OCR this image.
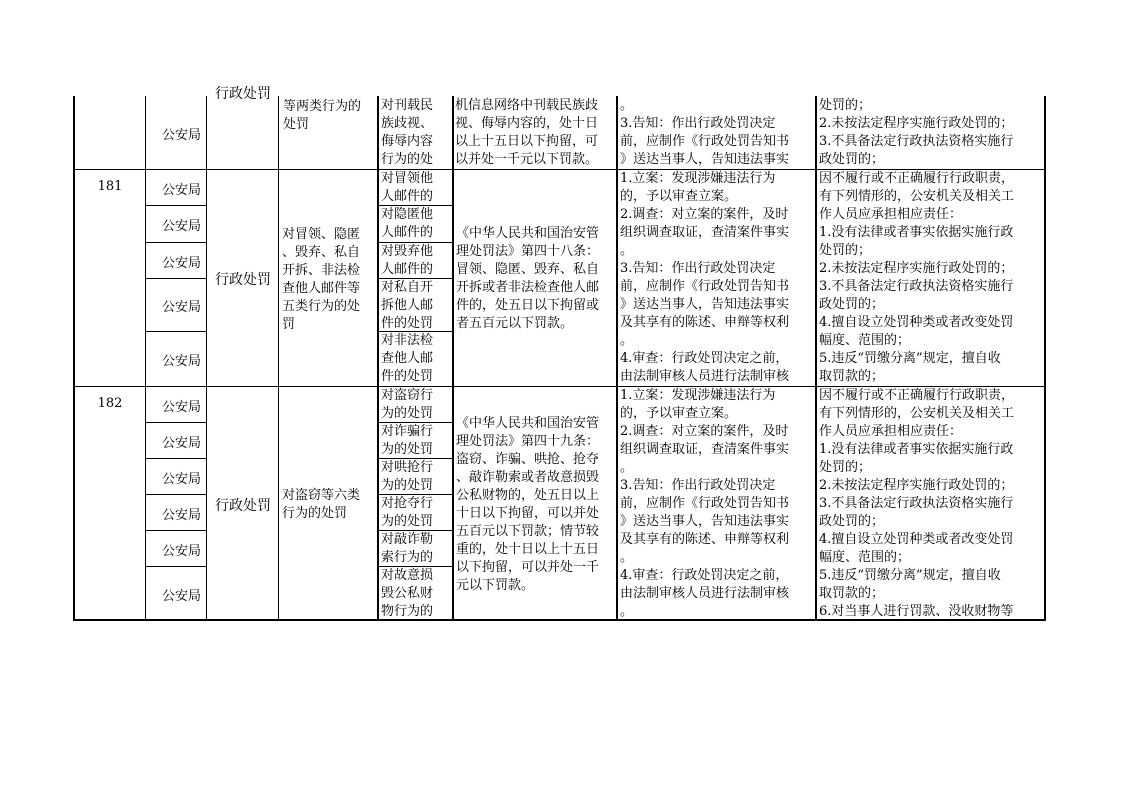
公安局
行政处罚
等两类行为的
处罚
对刊载民
族歧视、
侮辱内容
行为的处
机信息网络中刊载民族歧
视、侮辱内容的，处十日
以上十五日以下拘留，可
以并处一千元以下罚款。
。
3.告知：作出行政处罚决定
前，应制作《行政处罚告知书
》送达当事人，告知违法事实
处罚的；
2.未按法定程序实施行政处罚的；
3.不具备法定行政执法资格实施行
政处罚的；
181	公安局
公安局
公安局
公安局
公安局
行政处罚
对冒领、隐匿
、毁弃、私自
开拆、非法检
查他人邮件等
五类行为的处
罚
对冒领他
人邮件的
对隐匿他
人邮件的
对毁弃他
人邮件的
对私自开
拆他人邮
件的处罚
对非法检
查他人邮
件的处罚
《中华人民共和国治安管
理处罚法》第四十八条：
冒领、隐匿、毁弃、私自
开拆或者非法检查他人邮
件的，处五日以下拘留或
者五百元以下罚款。
1.立案：发现涉嫌违法行为
的，予以审查立案。
2.调查：对立案的案件，及时
组织调查取证，查清案件事实
。
3.告知：作出行政处罚决定
前，应制作《行政处罚告知书
》送达当事人，告知违法事实
及其享有的陈述、申辩等权利
。
4.审查：行政处罚决定之前，
由法制审核人员进行法制审核
因不履行或不正确履行行政职责，
有下列情形的，公安机关及相关工
作人员应承担相应责任：
1.没有法律或者事实依据实施行政
处罚的；
2.未按法定程序实施行政处罚的；
3.不具备法定行政执法资格实施行
政处罚的；
4.擅自设立处罚种类或者改变处罚
幅度、范围的；
5.违反“罚缴分离”规定，擅自收
取罚款的；
182	公安局
公安局
公安局
公安局
公安局
公安局
行政处罚
对盗窃等六类
行为的处罚
对盗窃行
为的处罚
对诈骗行
为的处罚
对哄抢行
为的处罚
对抢夺行
为的处罚
对敲诈勒
索行为的
对故意损
毁公私财
物行为的
《中华人民共和国治安管
理处罚法》第四十九条：
盗窃、诈骗、哄抢、抢夺
、敲诈勒索或者故意损毁
公私财物的，处五日以上
十日以下拘留，可以并处
五百元以下罚款；情节较
重的，处十日以上十五日
以下拘留，可以并处一千
元以下罚款。
1.立案：发现涉嫌违法行为
的，予以审查立案。
2.调查：对立案的案件，及时
组织调查取证，查清案件事实
。
3.告知：作出行政处罚决定
前，应制作《行政处罚告知书
》送达当事人，告知违法事实
及其享有的陈述、申辩等权利
。
4.审查：行政处罚决定之前，
由法制审核人员进行法制审核
。
因不履行或不正确履行行政职责，
有下列情形的，公安机关及相关工
作人员应承担相应责任：
1.没有法律或者事实依据实施行政
处罚的；
2.未按法定程序实施行政处罚的；
3.不具备法定行政执法资格实施行
政处罚的；
4.擅自设立处罚种类或者改变处罚
幅度、范围的；
5.违反“罚缴分离”规定，擅自收
取罚款的；
6.对当事人进行罚款、没收财物等
